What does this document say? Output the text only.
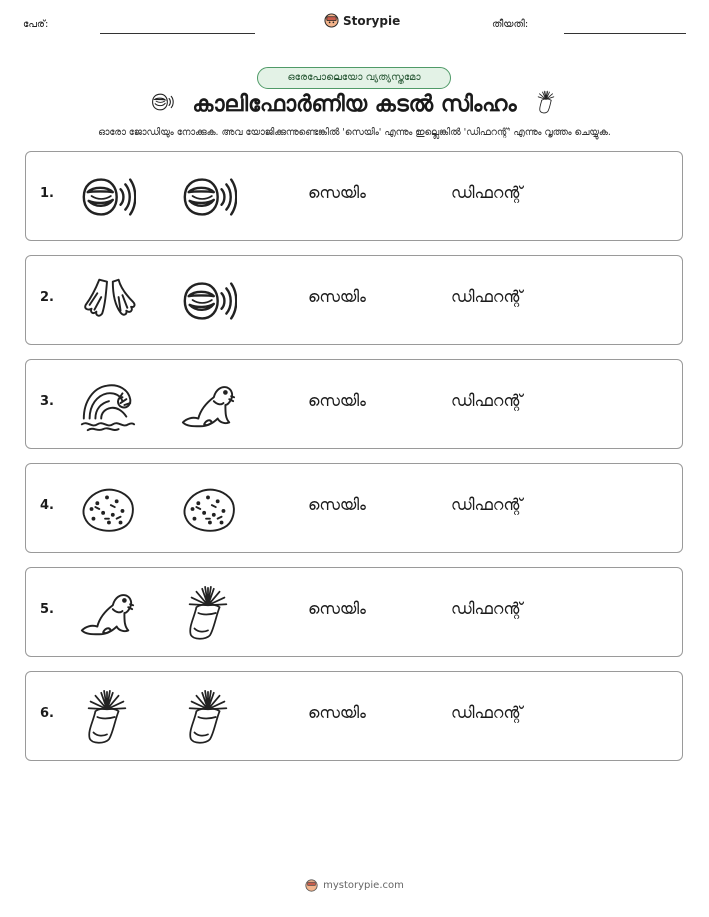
പേര്:	Storypie	തീയതി:
ഒരേപോലെയോ വ്യത്യസ്തമോ
കാലിഫോർണിയ കടൽ സിംഹം
ഓരോ ജോഡിയും നോക്കുക. അവ യോജിക്കുന്നുണ്ടെങ്കിൽ 'സെയിം' എന്നും ഇല്ലെങ്കിൽ 'ഡിഫറന്റ്' എന്നും വൃത്തം ചെയ്യുക.
1.	സെയിം	ഡിഫറന്റ്
2.	സെയിം	ഡിഫറന്റ്
3.	സെയിം	ഡിഫറന്റ്
4.	സെയിം	ഡിഫറന്റ്
5.	സെയിം	ഡിഫറന്റ്
6.	സെയിം	ഡിഫറന്റ്
mystorypie.com
